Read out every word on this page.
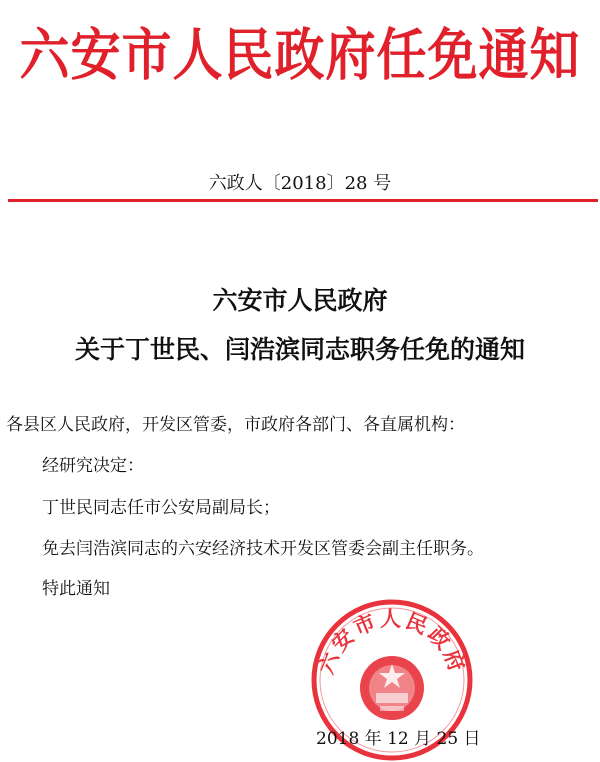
六安市人民政府任免通知
六政人〔2018〕28 号
六安市人民政府
关于丁世民、闫浩滨同志职务任免的通知
各县区人民政府，开发区管委，市政府各部门、各直属机构：
经研究决定：
丁世民同志任市公安局副局长；
免去闫浩滨同志的六安经济技术开发区管委会副主任职务。
特此通知
六安市人民政府
2018 年 12 月 25 日
